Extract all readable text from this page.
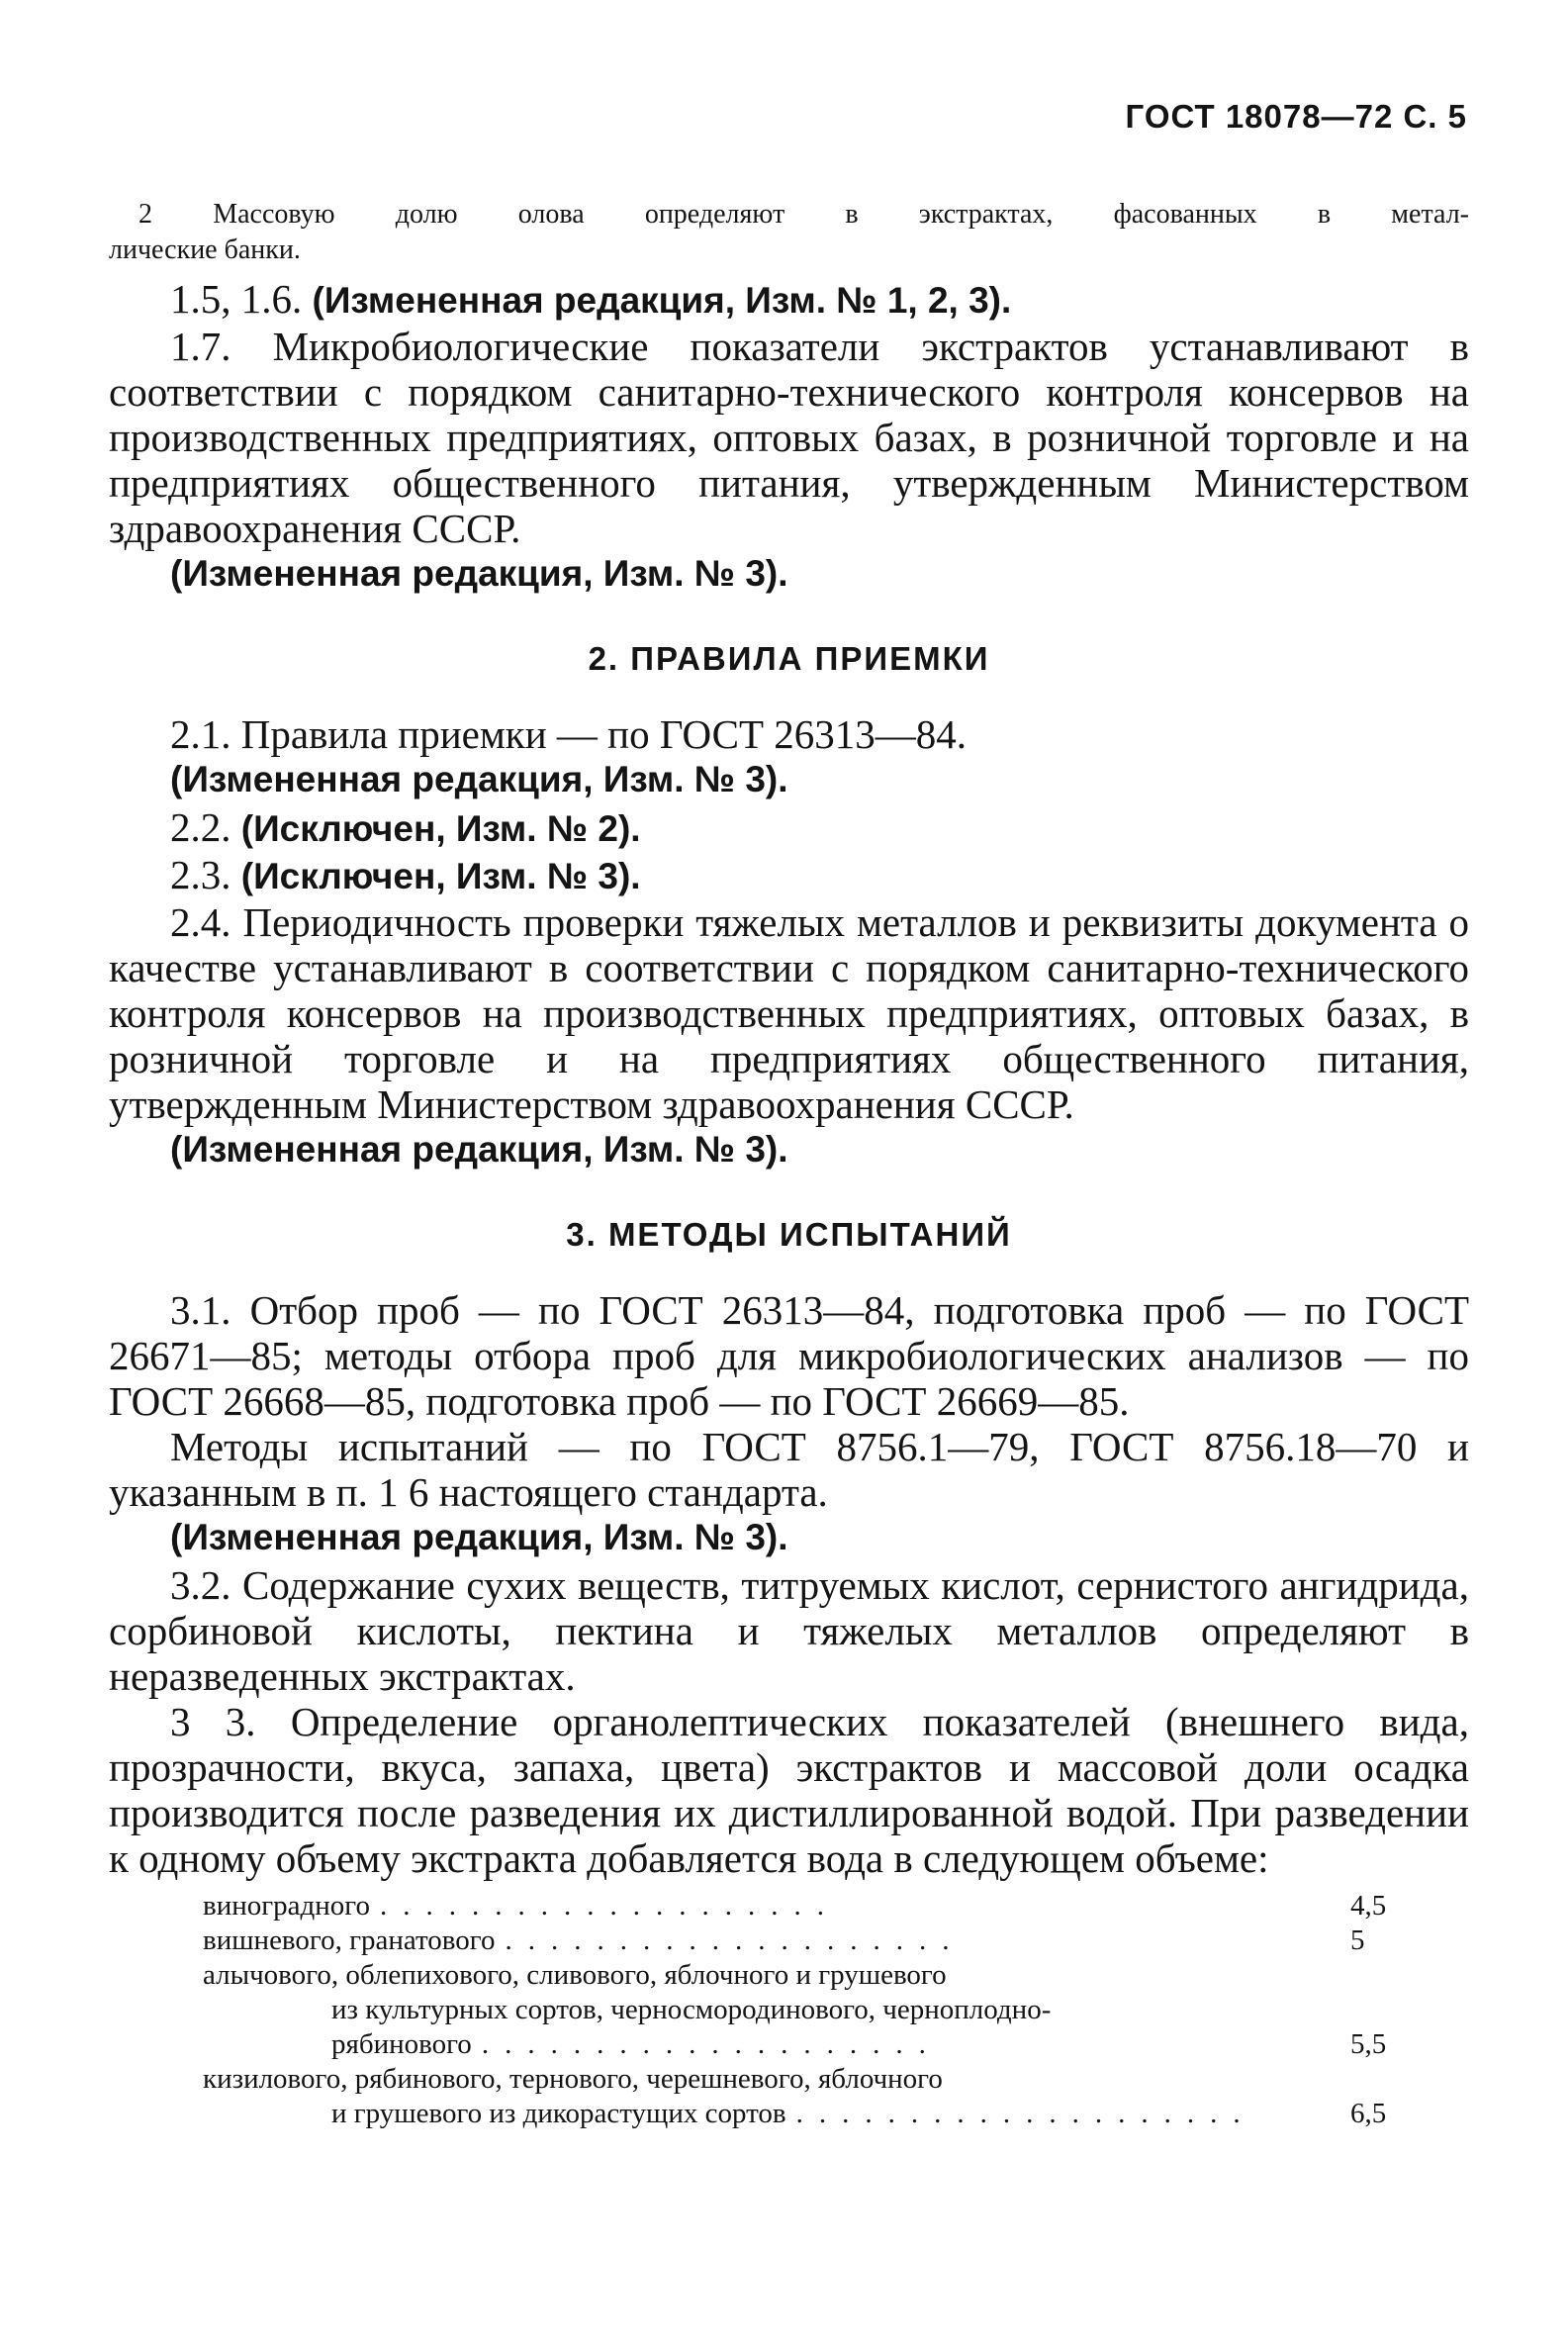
ГОСТ 18078—72 С. 5
2 Массовую долю олова определяют в экстрактах, фасованных в метал-
лические банки.

1.5, 1.6. (Измененная редакция, Изм. № 1, 2, 3).

1.7. Микробиологические показатели экстрактов устанавливают в соответствии с порядком санитарно-технического контроля консервов на производственных предприятиях, оптовых базах, в розничной торговле и на предприятиях общественного питания, утвержденным Министерством здравоохранения СССР.

(Измененная редакция, Изм. № 3).

2. ПРАВИЛА ПРИЕМКИ

2.1. Правила приемки — по ГОСТ 26313—84.

(Измененная редакция, Изм. № 3).

2.2. (Исключен, Изм. № 2).

2.3. (Исключен, Изм. № 3).

2.4. Периодичность проверки тяжелых металлов и реквизиты документа о качестве устанавливают в соответствии с порядком санитарно-технического контроля консервов на производственных предприятиях, оптовых базах, в розничной торговле и на предприятиях общественного питания, утвержденным Министерством здравоохранения СССР.

(Измененная редакция, Изм. № 3).

3. МЕТОДЫ ИСПЫТАНИЙ

3.1. Отбор проб — по ГОСТ 26313—84, подготовка проб — по ГОСТ 26671—85; методы отбора проб для микробиологических анализов — по ГОСТ 26668—85, подготовка проб — по ГОСТ 26669—85.

Методы испытаний — по ГОСТ 8756.1—79, ГОСТ 8756.18—70 и указанным в п. 1 6 настоящего стандарта.

(Измененная редакция, Изм. № 3).

3.2. Содержание сухих веществ, титруемых кислот, сернистого ангидрида, сорбиновой кислоты, пектина и тяжелых металлов определяют в неразведенных экстрактах.

3 3. Определение органолептических показателей (внешнего вида, прозрачности, вкуса, запаха, цвета) экстрактов и массовой доли осадка производится после разведения их дистиллированной водой. При разведении к одному объему экстракта добавляется вода в следующем объеме:

виноградного ....................	4,5
вишневого, гранатового ....................	5
алычового, облепихового, сливового, яблочного и грушевого
из культурных сортов, черносмородинового, черноплодно-
рябинового ....................	5,5
кизилового, рябинового, тернового, черешневого, яблочного
и грушевого из дикорастущих сортов ....................	6,5
